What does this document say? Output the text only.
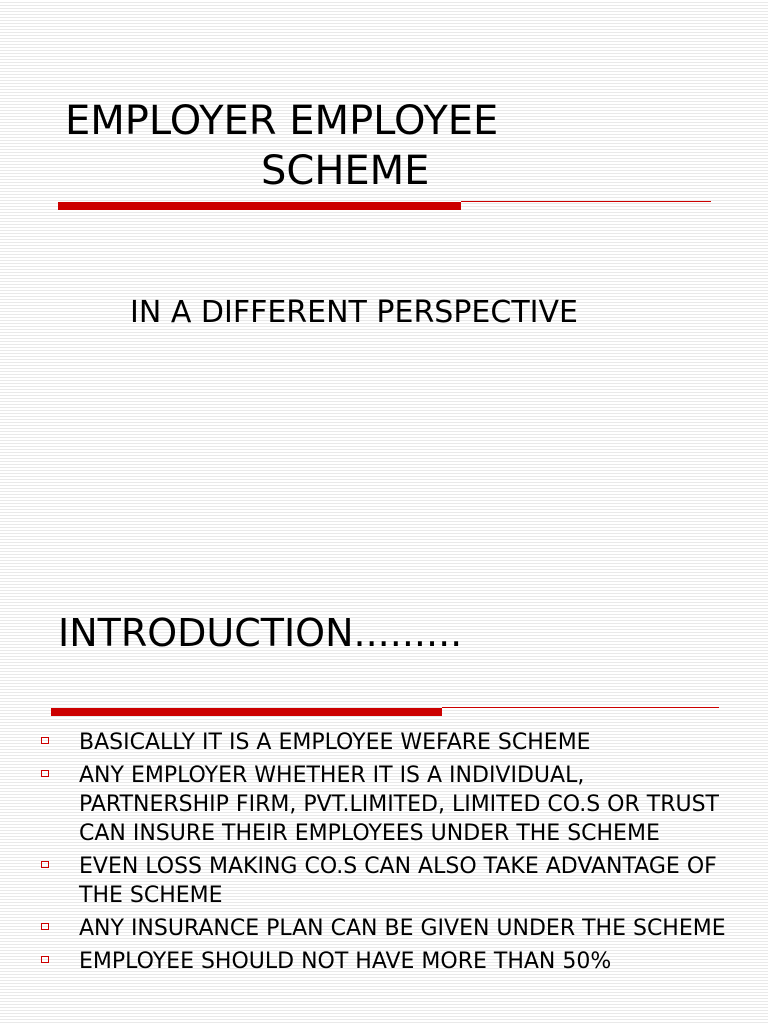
EMPLOYER EMPLOYEE
SCHEME
IN A DIFFERENT PERSPECTIVE
INTRODUCTION.........
BASICALLY IT IS A EMPLOYEE WEFARE SCHEME
ANY EMPLOYER WHETHER IT IS A INDIVIDUAL, PARTNERSHIP FIRM, PVT.LIMITED, LIMITED CO.S OR TRUST CAN INSURE THEIR EMPLOYEES UNDER THE SCHEME
EVEN LOSS MAKING CO.S CAN ALSO TAKE ADVANTAGE OF THE SCHEME
ANY INSURANCE PLAN CAN BE GIVEN UNDER THE SCHEME
EMPLOYEE SHOULD NOT HAVE MORE THAN 50%
